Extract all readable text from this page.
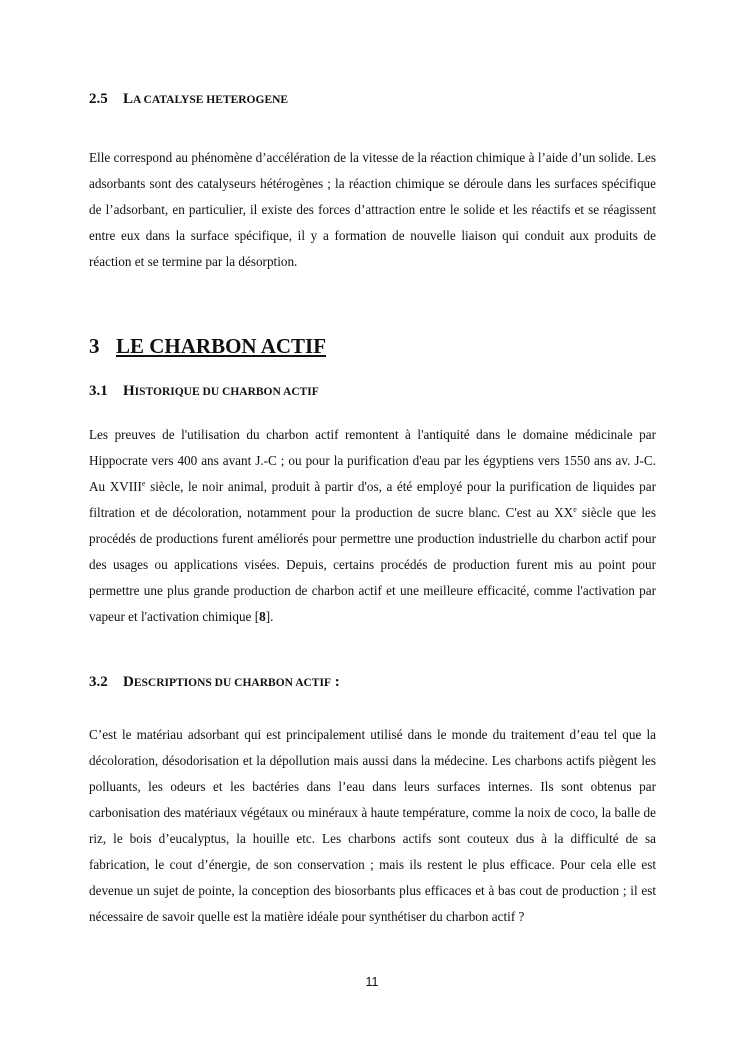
2.5 LA CATALYSE HETEROGENE
Elle correspond au phénomène d’accélération de la vitesse de la réaction chimique à l’aide d’un solide. Les adsorbants sont des catalyseurs hétérogènes ; la réaction chimique se déroule dans les surfaces spécifique de l’adsorbant, en particulier, il existe des forces d’attraction entre le solide et les réactifs et se réagissent entre eux dans la surface spécifique, il y a formation de nouvelle liaison qui conduit aux produits de réaction et se termine par la désorption.
3 LE CHARBON ACTIF
3.1 HISTORIQUE DU CHARBON ACTIF
Les preuves de l'utilisation du charbon actif remontent à l'antiquité dans le domaine médicinale par Hippocrate vers 400 ans avant J.-C ; ou pour la purification d'eau par les égyptiens vers 1550 ans av. J-C. Au XVIIIe siècle, le noir animal, produit à partir d'os, a été employé pour la purification de liquides par filtration et de décoloration, notamment pour la production de sucre blanc. C'est au XXe siècle que les procédés de productions furent améliorés pour permettre une production industrielle du charbon actif pour des usages ou applications visées. Depuis, certains procédés de production furent mis au point pour permettre une plus grande production de charbon actif et une meilleure efficacité, comme l'activation par vapeur et l'activation chimique [8].
3.2 DESCRIPTIONS DU CHARBON ACTIF :
C’est le matériau adsorbant qui est principalement utilisé dans le monde du traitement d’eau tel que la décoloration, désodorisation et la dépollution mais aussi dans la médecine. Les charbons actifs piègent les polluants, les odeurs et les bactéries dans l’eau dans leurs surfaces internes. Ils sont obtenus par carbonisation des matériaux végétaux ou minéraux à haute température, comme la noix de coco, la balle de riz, le bois d’eucalyptus, la houille etc. Les charbons actifs sont couteux dus à la difficulté de sa fabrication, le cout d’énergie, de son conservation ; mais ils restent le plus efficace. Pour cela elle est devenue un sujet de pointe, la conception des biosorbants plus efficaces et à bas cout de production ; il est nécessaire de savoir quelle est la matière idéale pour synthétiser du charbon actif ?
11
